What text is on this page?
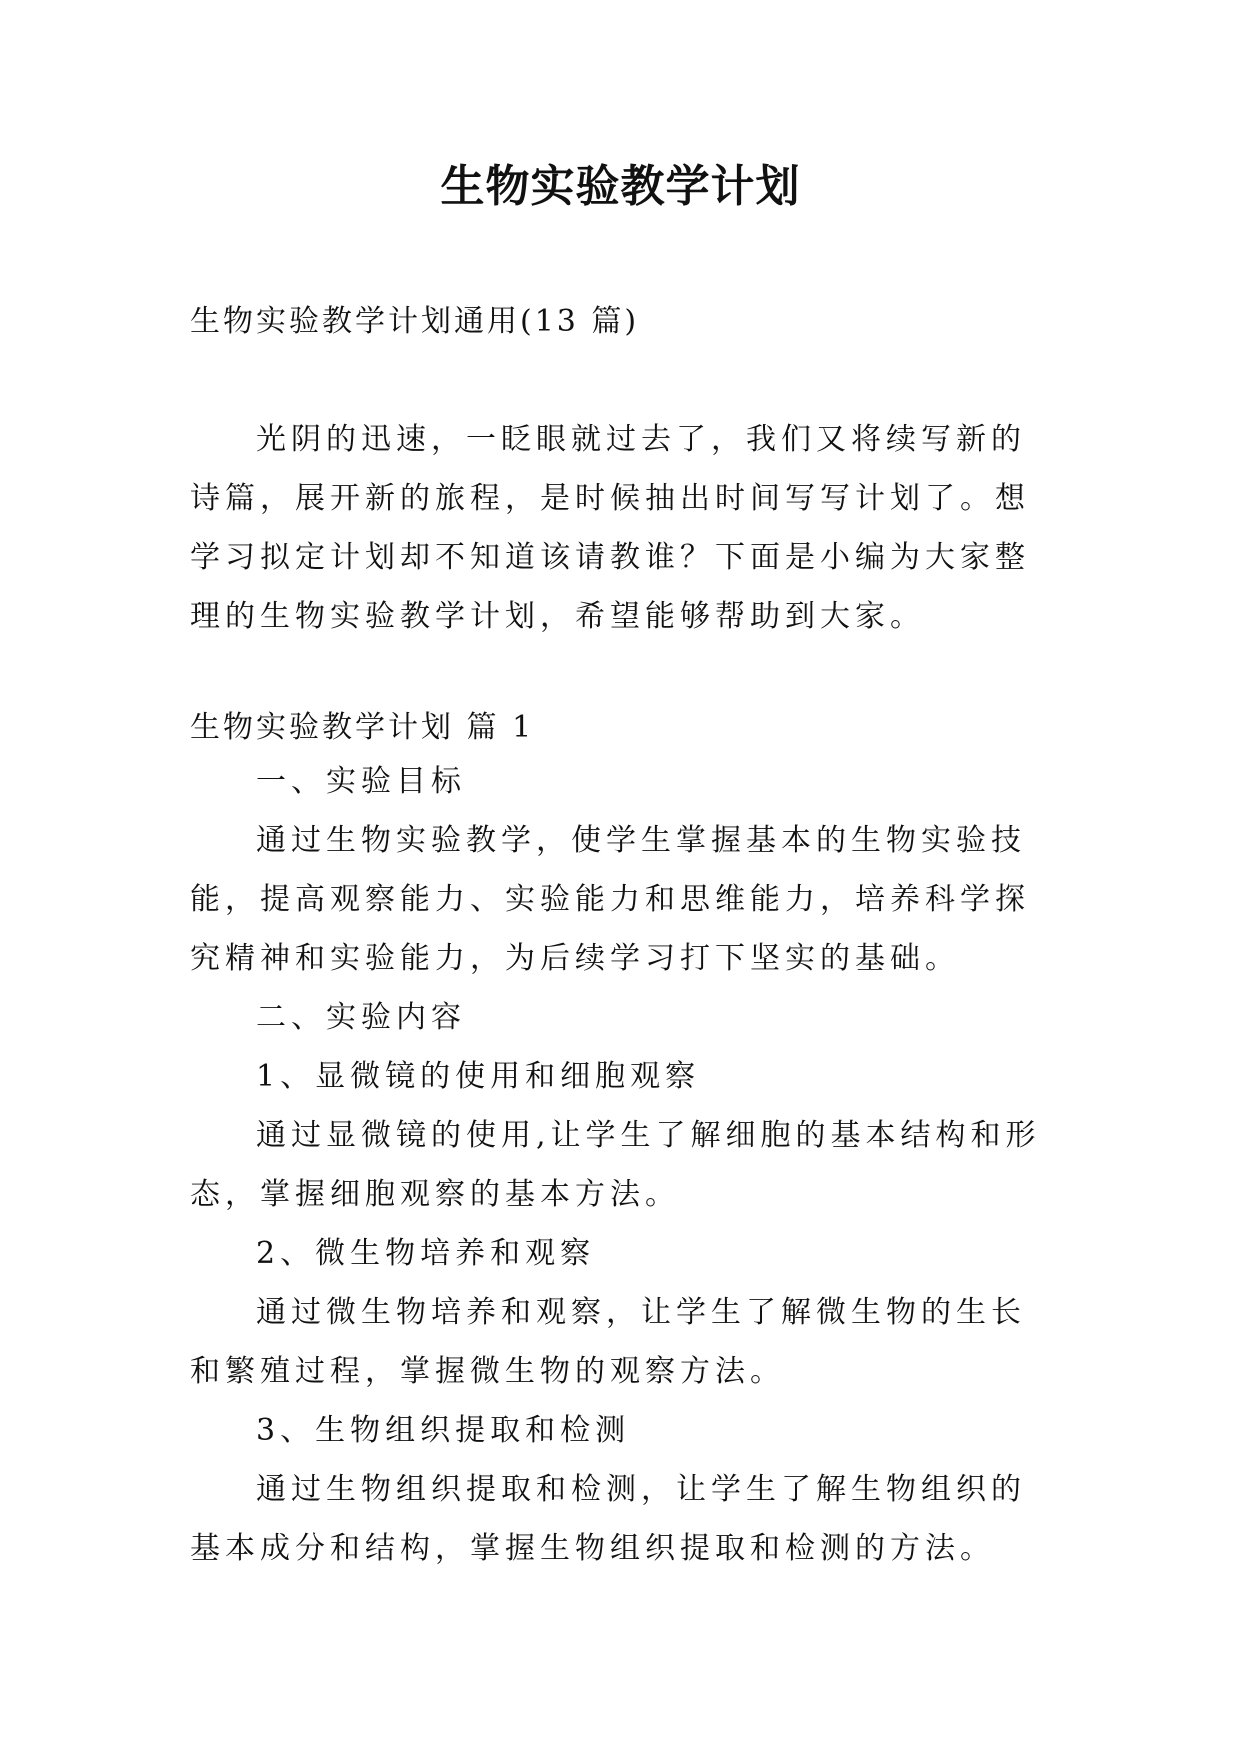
生物实验教学计划
生物实验教学计划通用(13 篇)
光阴的迅速，一眨眼就过去了，我们又将续写新的诗篇，展开新的旅程，是时候抽出时间写写计划了。想学习拟定计划却不知道该请教谁？下面是小编为大家整理的生物实验教学计划，希望能够帮助到大家。
生物实验教学计划 篇 1

一、实验目标

通过生物实验教学，使学生掌握基本的生物实验技能，提高观察能力、实验能力和思维能力，培养科学探究精神和实验能力，为后续学习打下坚实的基础。

二、实验内容

1、显微镜的使用和细胞观察

通过显微镜的使用,让学生了解细胞的基本结构和形态，掌握细胞观察的基本方法。

2、微生物培养和观察

通过微生物培养和观察，让学生了解微生物的生长和繁殖过程，掌握微生物的观察方法。

3、生物组织提取和检测

通过生物组织提取和检测，让学生了解生物组织的基本成分和结构，掌握生物组织提取和检测的方法。
